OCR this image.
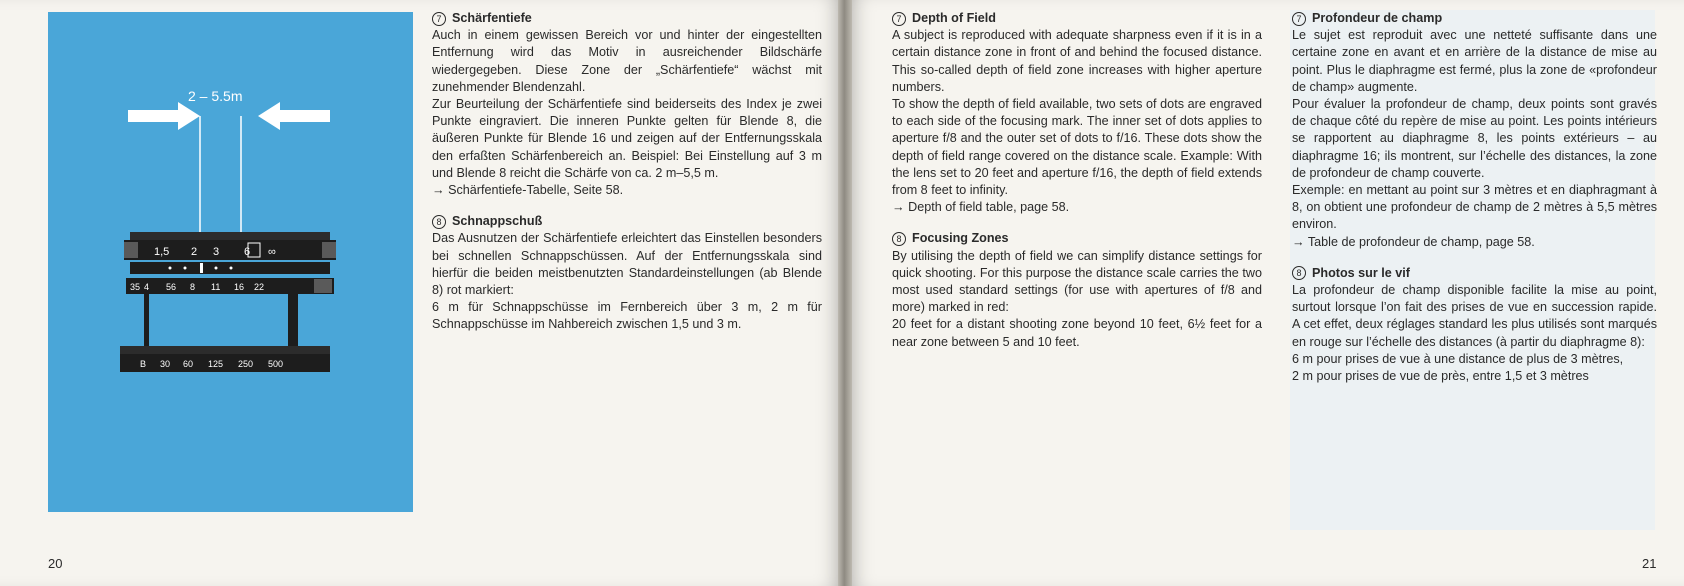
2 – 5.5m
1,5 2 3 6 ∞
35 4 56 8 11 16 22
B 30 60 125 250 500
7 Schärfentiefe

Auch in einem gewissen Bereich vor und hinter der eingestellten Entfernung wird das Motiv in ausreichender Bildschärfe wiedergegeben. Diese Zone der „Schärfentiefe“ wächst mit zunehmender Blendenzahl.

Zur Beurteilung der Schärfentiefe sind beiderseits des Index je zwei Punkte eingraviert. Die inneren Punkte gelten für Blende 8, die äußeren Punkte für Blende 16 und zeigen auf der Entfernungsskala den erfaßten Schärfenbereich an. Beispiel: Bei Einstellung auf 3 m und Blende 8 reicht die Schärfe von ca. 2 m–5,5 m.

→ Schärfentiefe-Tabelle, Seite 58.

8 Schnappschuß

Das Ausnutzen der Schärfentiefe erleichtert das Einstellen besonders bei schnellen Schnappschüssen. Auf der Entfernungsskala sind hierfür die beiden meistbenutzten Standardeinstellungen (ab Blende 8) rot markiert:

6 m für Schnappschüsse im Fernbereich über 3 m, 2 m für Schnappschüsse im Nahbereich zwischen 1,5 und 3 m.

20
7 Depth of Field

A subject is reproduced with adequate sharpness even if it is in a certain distance zone in front of and behind the focused distance. This so-called depth of field zone increases with higher aperture numbers.

To show the depth of field available, two sets of dots are engraved to each side of the focusing mark. The inner set of dots applies to aperture f/8 and the outer set of dots to f/16. These dots show the depth of field range covered on the distance scale. Example: With the lens set to 20 feet and aperture f/16, the depth of field extends from 8 feet to infinity.

→ Depth of field table, page 58.

8 Focusing Zones

By utilising the depth of field we can simplify distance settings for quick shooting. For this purpose the distance scale carries the two most used standard settings (for use with apertures of f/8 and more) marked in red:

20 feet for a distant shooting zone beyond 10 feet, 6½ feet for a near zone between 5 and 10 feet.

7 Profondeur de champ

Le sujet est reproduit avec une netteté suffisante dans une certaine zone en avant et en arrière de la distance de mise au point. Plus le diaphragme est fermé, plus la zone de «profondeur de champ» augmente.

Pour évaluer la profondeur de champ, deux points sont gravés de chaque côté du repère de mise au point. Les points intérieurs se rapportent au diaphragme 8, les points extérieurs – au diaphragme 16; ils montrent, sur l’échelle des distances, la zone de profondeur de champ couverte.

Exemple: en mettant au point sur 3 mètres et en diaphragmant à 8, on obtient une profondeur de champ de 2 mètres à 5,5 mètres environ.

→ Table de profondeur de champ, page 58.

8 Photos sur le vif

La profondeur de champ disponible facilite la mise au point, surtout lorsque l’on fait des prises de vue en succession rapide. A cet effet, deux réglages standard les plus utilisés sont marqués en rouge sur l’échelle des distances (à partir du diaphragme 8):

6 m pour prises de vue à une distance de plus de 3 mètres,

2 m pour prises de vue de près, entre 1,5 et 3 mètres

21
